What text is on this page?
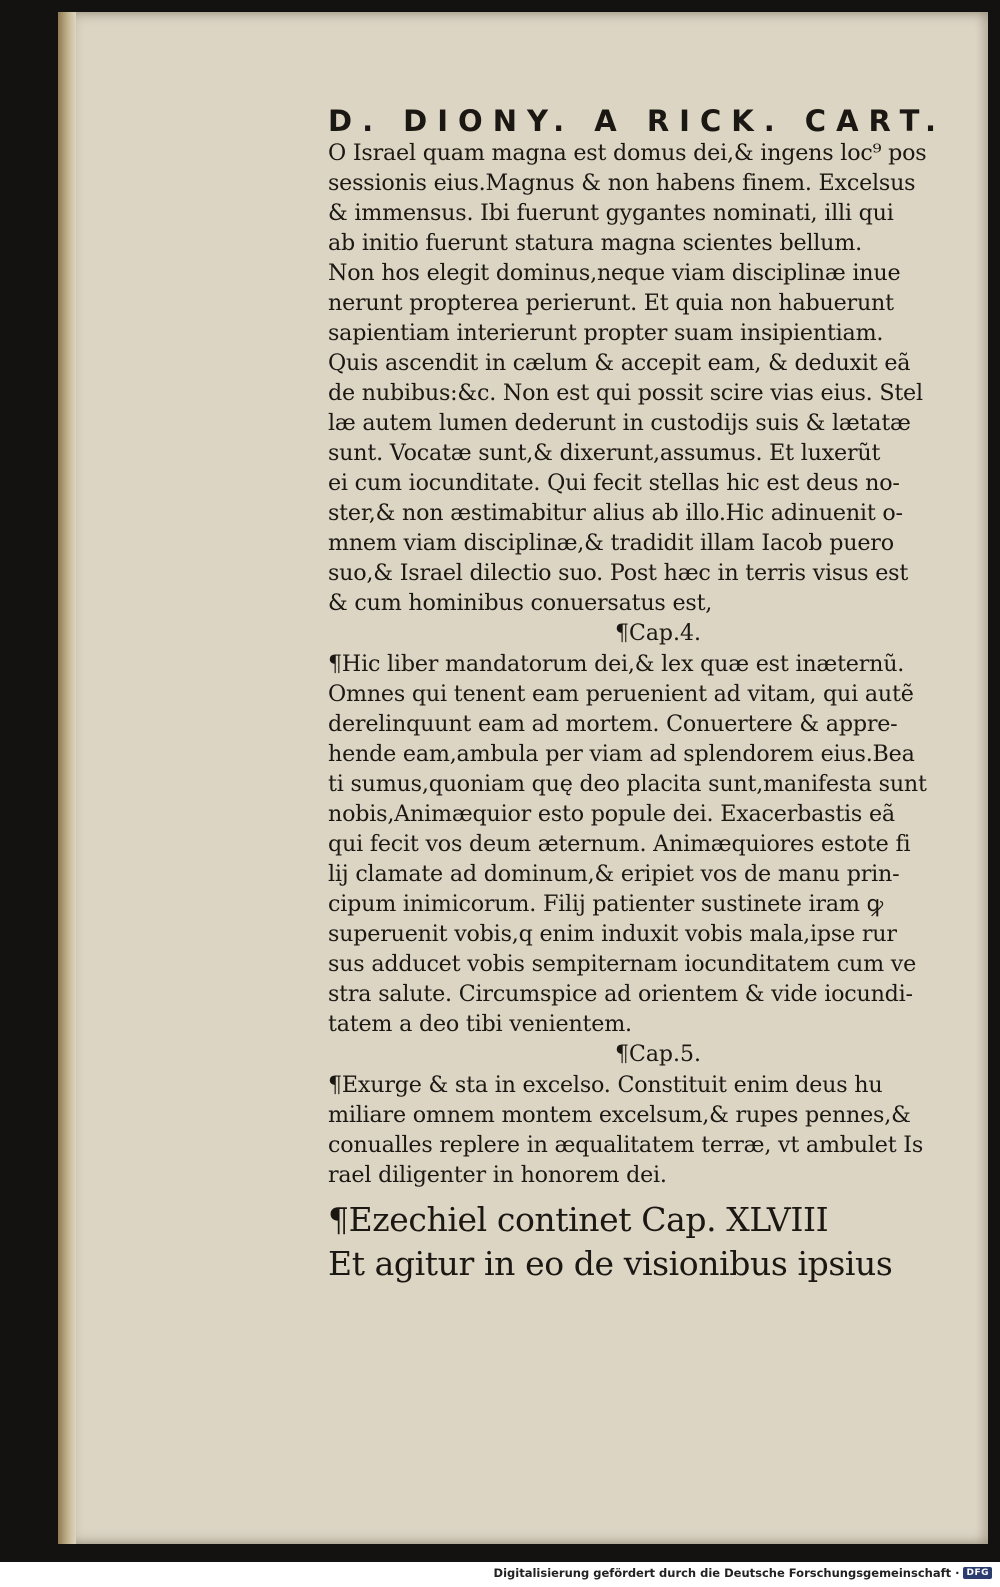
D. DIONY. A RICK. CART.
O Israel quam magna est domus dei,& ingens loc⁹ pos
sessionis eius.Magnus & non habens finem. Excelsus
& immensus. Ibi fuerunt gygantes nominati, illi qui
ab initio fuerunt statura magna scientes bellum.
Non hos elegit dominus,neque viam disciplinæ inue
nerunt propterea perierunt. Et quia non habuerunt
sapientiam interierunt propter suam insipientiam.
Quis ascendit in cælum & accepit eam, & deduxit eã
de nubibus:&c. Non est qui possit scire vias eius. Stel
læ autem lumen dederunt in custodijs suis & lætatæ
sunt. Vocatæ sunt,& dixerunt,assumus. Et luxerũt
ei cum iocunditate. Qui fecit stellas hic est deus no-
ster,& non æstimabitur alius ab illo.Hic adinuenit o-
mnem viam disciplinæ,& tradidit illam Iacob puero
suo,& Israel dilectio suo. Post hæc in terris visus est
& cum hominibus conuersatus est,
¶Cap.4.
¶Hic liber mandatorum dei,& lex quæ est inæternũ.
Omnes qui tenent eam peruenient ad vitam, qui autẽ
derelinquunt eam ad mortem. Conuertere & appre-
hende eam,ambula per viam ad splendorem eius.Bea
ti sumus,quoniam quę deo placita sunt,manifesta sunt
nobis,Animæquior esto popule dei. Exacerbastis eã
qui fecit vos deum æternum. Animæquiores estote fi
lij clamate ad dominum,& eripiet vos de manu prin-
cipum inimicorum. Filij patienter sustinete iram ꝙ
superuenit vobis,q enim induxit vobis mala,ipse rur
sus adducet vobis sempiternam iocunditatem cum ve
stra salute. Circumspice ad orientem & vide iocundi-
tatem a deo tibi venientem.
¶Cap.5.
¶Exurge & sta in excelso. Constituit enim deus hu
miliare omnem montem excelsum,& rupes pennes,&
conualles replere in æqualitatem terræ, vt ambulet Is
rael diligenter in honorem dei.
¶Ezechiel continet Cap. XLVIII
Et agitur in eo de visionibus ipsius
Digitalisierung gefördert durch die Deutsche Forschungsgemeinschaft · DFG
